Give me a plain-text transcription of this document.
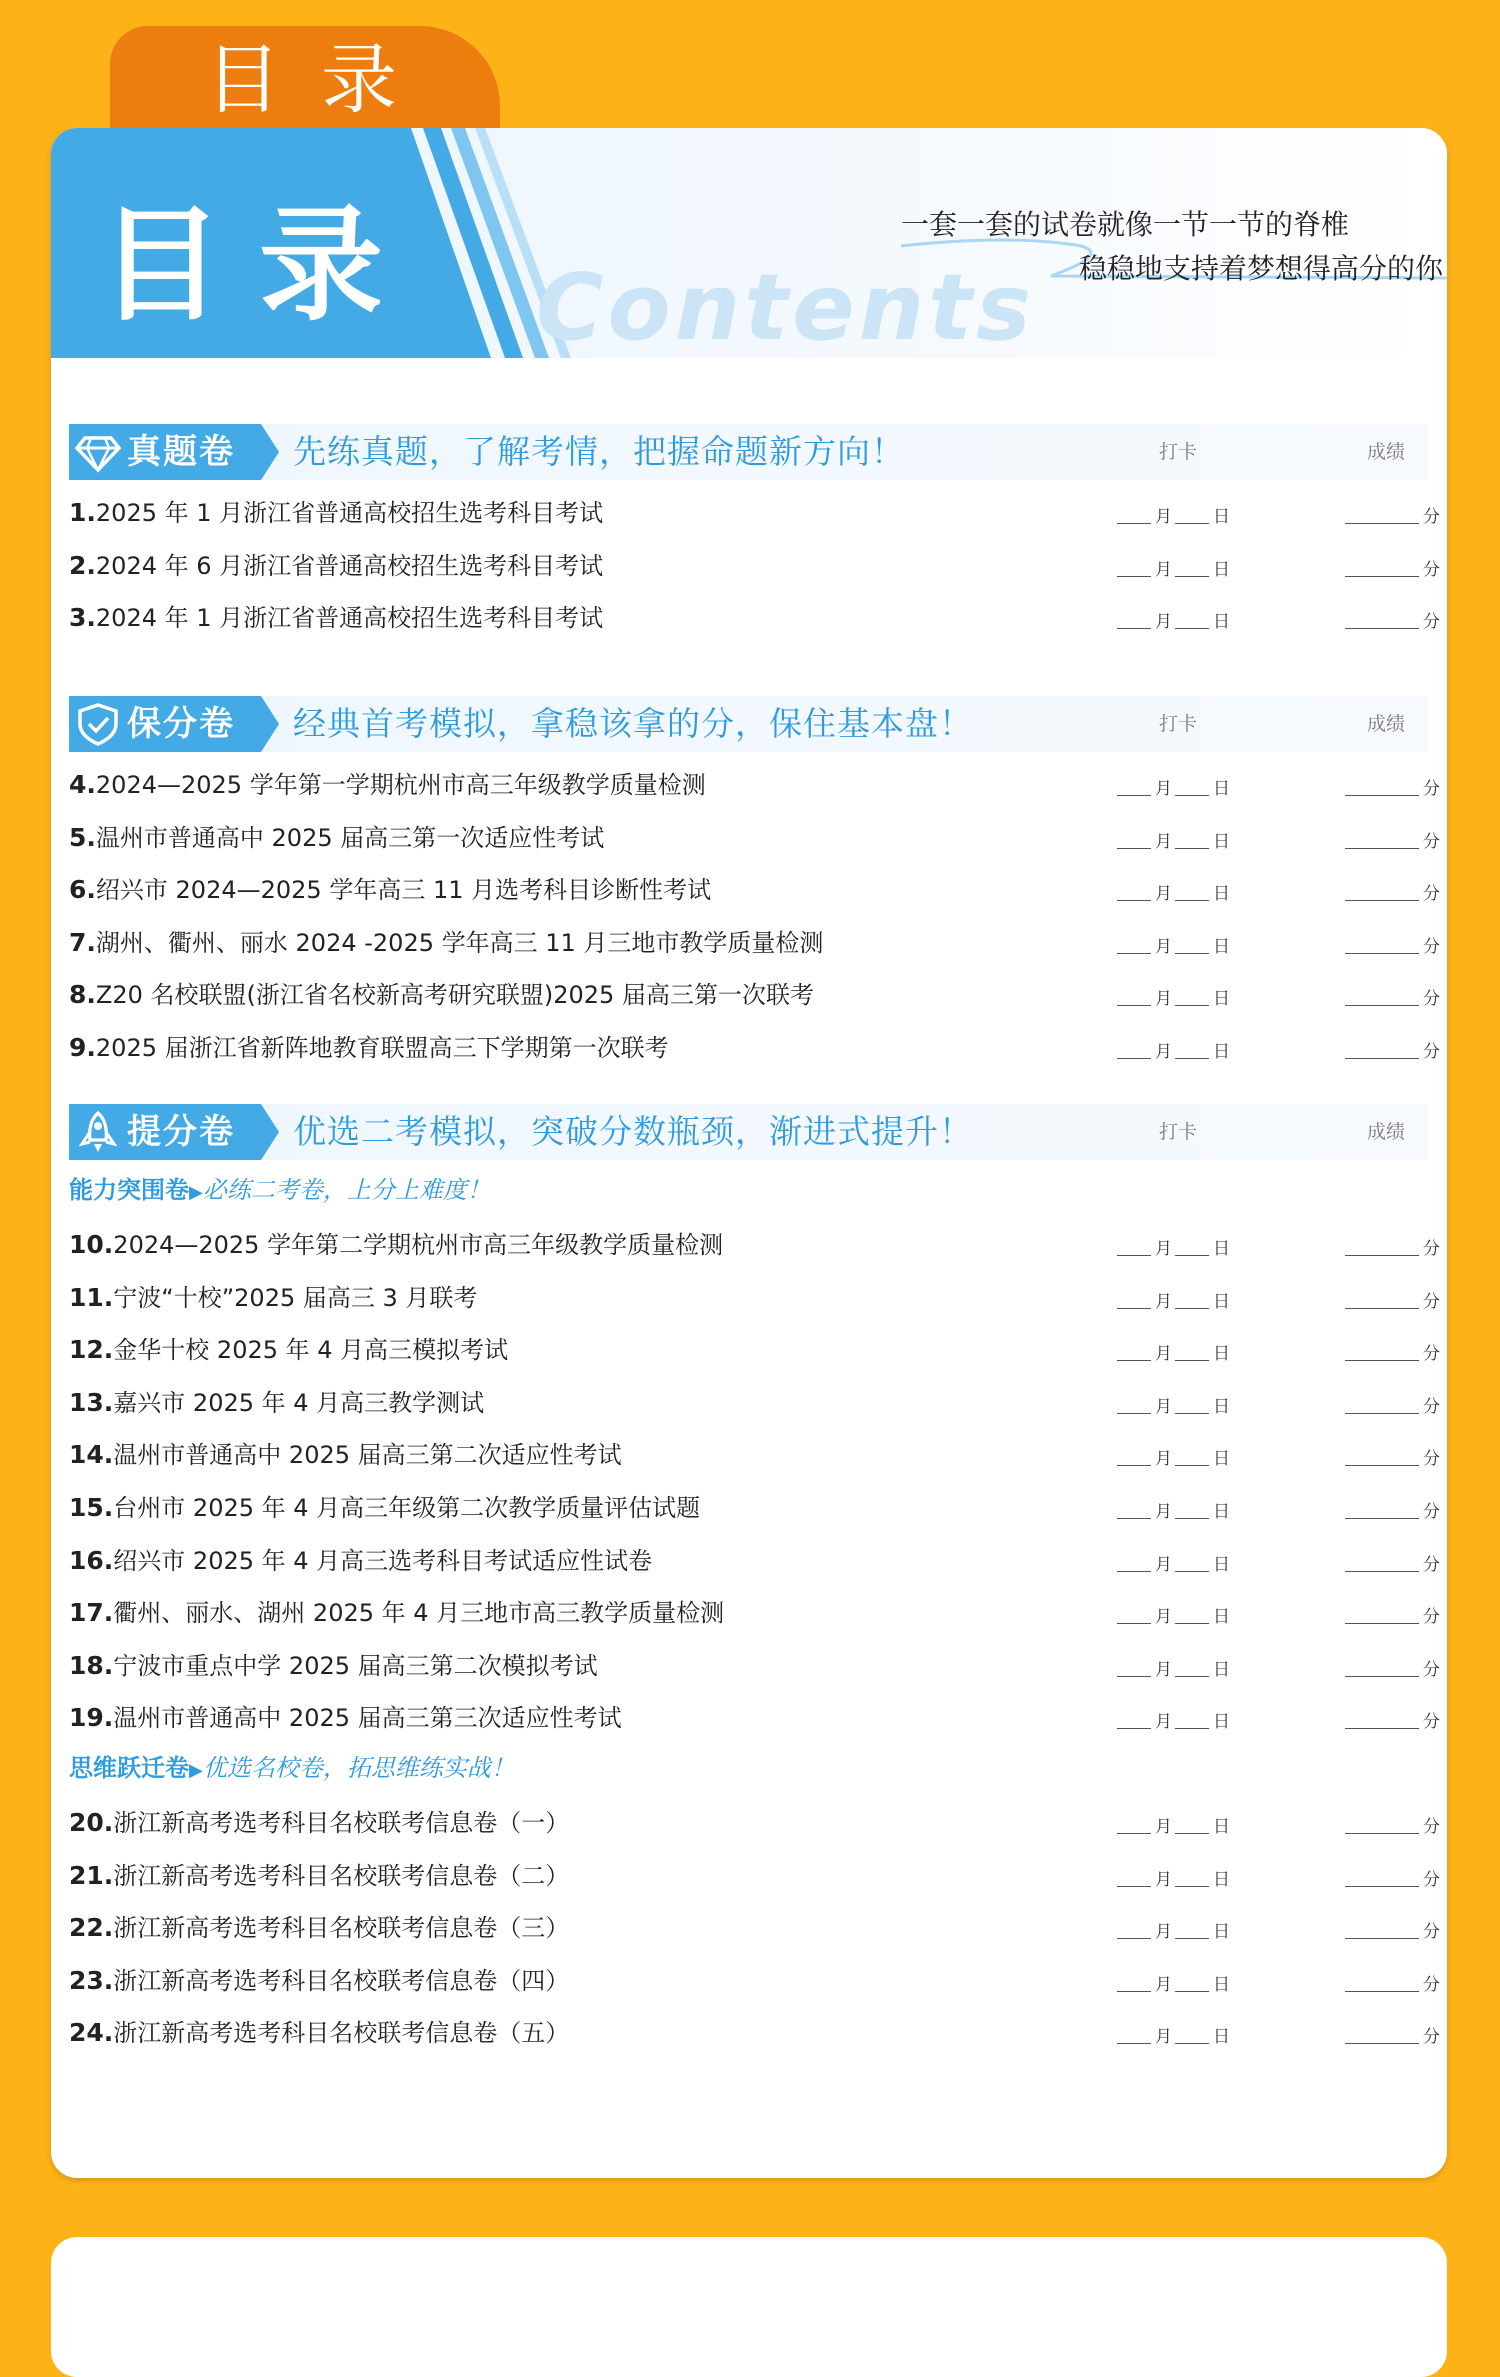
目录
目录 Contents
一套一套的试卷就像一节一节的脊椎
稳稳地支持着梦想得高分的你
真题卷 先练真题，了解考情，把握命题新方向！	打卡	成绩
1.2025 年 1 月浙江省普通高校招生选考科目考试	月 日	分
2.2024 年 6 月浙江省普通高校招生选考科目考试	月 日	分
3.2024 年 1 月浙江省普通高校招生选考科目考试	月 日	分
保分卷 经典首考模拟，拿稳该拿的分，保住基本盘！	打卡	成绩
4.2024—2025 学年第一学期杭州市高三年级教学质量检测	月 日	分
5.温州市普通高中 2025 届高三第一次适应性考试	月 日	分
6.绍兴市 2024—2025 学年高三 11 月选考科目诊断性考试	月 日	分
7.湖州、衢州、丽水 2024 -2025 学年高三 11 月三地市教学质量检测	月 日	分
8.Z20 名校联盟(浙江省名校新高考研究联盟)2025 届高三第一次联考	月 日	分
9.2025 届浙江省新阵地教育联盟高三下学期第一次联考	月 日	分
提分卷 优选二考模拟，突破分数瓶颈，渐进式提升！	打卡	成绩
能力突围卷▶必练二考卷，上分上难度！
10.2024—2025 学年第二学期杭州市高三年级教学质量检测	月 日	分
11.宁波“十校”2025 届高三 3 月联考	月 日	分
12.金华十校 2025 年 4 月高三模拟考试	月 日	分
13.嘉兴市 2025 年 4 月高三教学测试	月 日	分
14.温州市普通高中 2025 届高三第二次适应性考试	月 日	分
15.台州市 2025 年 4 月高三年级第二次教学质量评估试题	月 日	分
16.绍兴市 2025 年 4 月高三选考科目考试适应性试卷	月 日	分
17.衢州、丽水、湖州 2025 年 4 月三地市高三教学质量检测	月 日	分
18.宁波市重点中学 2025 届高三第二次模拟考试	月 日	分
19.温州市普通高中 2025 届高三第三次适应性考试	月 日	分
思维跃迁卷▶优选名校卷，拓思维练实战！
20.浙江新高考选考科目名校联考信息卷（一）	月 日	分
21.浙江新高考选考科目名校联考信息卷（二）	月 日	分
22.浙江新高考选考科目名校联考信息卷（三）	月 日	分
23.浙江新高考选考科目名校联考信息卷（四）	月 日	分
24.浙江新高考选考科目名校联考信息卷（五）	月 日	分
